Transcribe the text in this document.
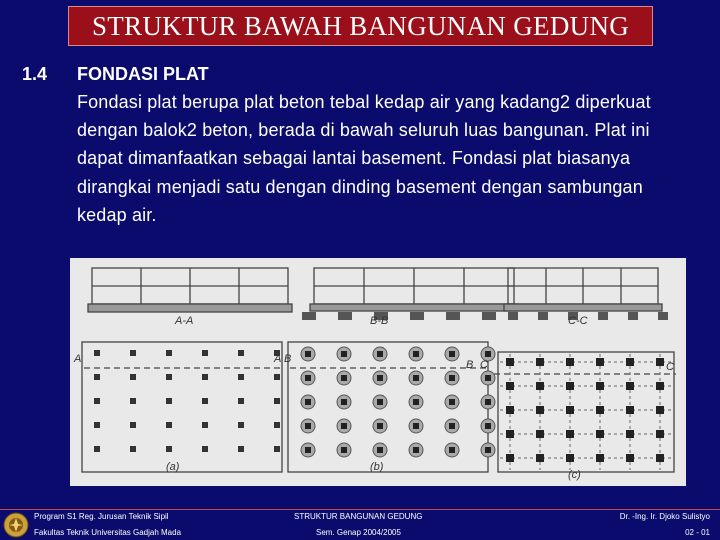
STRUKTUR BAWAH BANGUNAN GEDUNG
1.4 FONDASI PLAT
Fondasi plat berupa plat beton tebal kedap air yang kadang2 diperkuat
dengan balok2 beton, berada di bawah seluruh luas bangunan. Plat ini
dapat dimanfaatkan sebagai lantai basement. Fondasi plat biasanya
dirangkai menjadi satu dengan dinding basement dengan sambungan
kedap air.
A-A	B-B	C-C
(a)	(b)
(c)
A	A B	B C	C
Program S1 Reg. Jurusan Teknik Sipil
Fakultas Teknik Universitas Gadjah Mada
STRUKTUR BANGUNAN GEDUNG
Sem. Genap 2004/2005
Dr. -Ing. Ir. Djoko Sulistyo
02 - 01
